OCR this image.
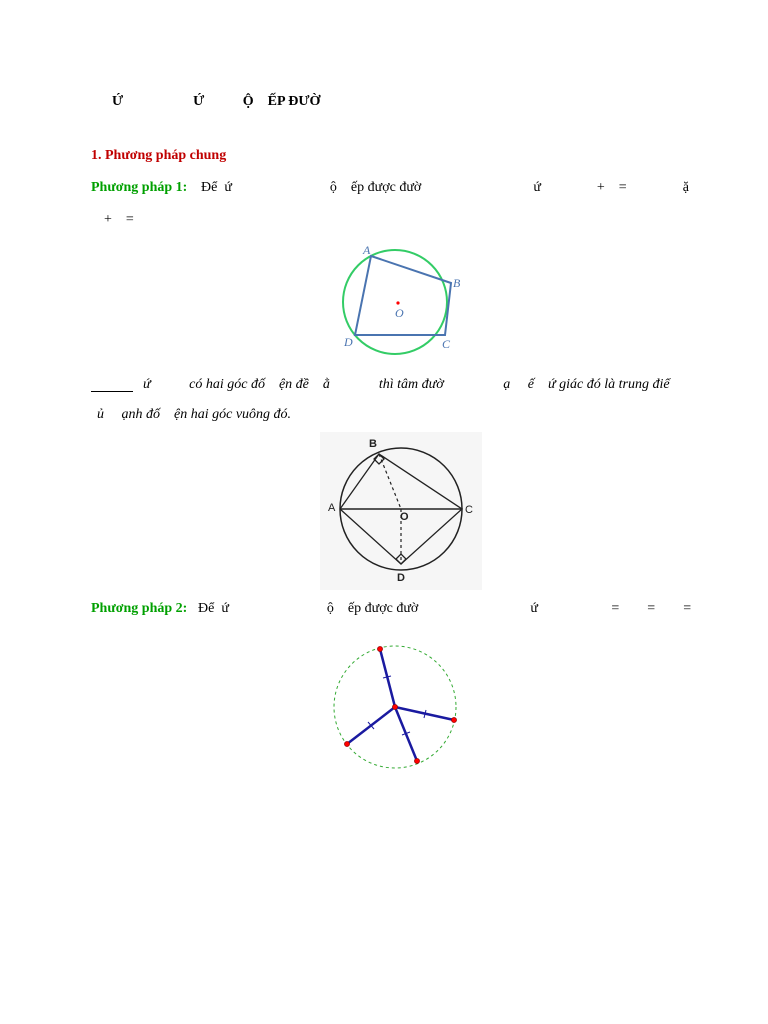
Ứ                    Ứ           Ộ    ẾP ĐƯỜ
1. Phương pháp chung
Phương pháp 1: Để  ứ                            ộ    ếp được đườ                                ứ                +    =                ặ
+    =
A
B
C
D
O
ứ           có hai góc đố    ện đề    ằ              thì tâm đườ                 ạ     ế    ứ giác đó là trung điể
ủ     ạnh đố    ện hai góc vuông đó.
B
A	C
D
O
Phương pháp 2: Để  ứ                            ộ    ếp được đườ                                ứ                     =        =        =
